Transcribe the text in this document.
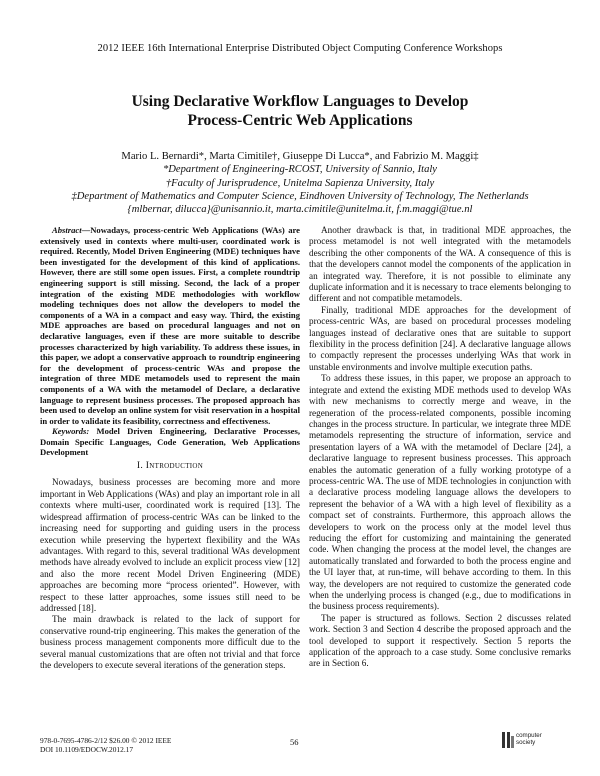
2012 IEEE 16th International Enterprise Distributed Object Computing Conference Workshops
Using Declarative Workflow Languages to Develop
Process-Centric Web Applications
Mario L. Bernardi*, Marta Cimitile†, Giuseppe Di Lucca*, and Fabrizio M. Maggi‡
*Department of Engineering-RCOST, University of Sannio, Italy
†Faculty of Jurisprudence, Unitelma Sapienza University, Italy
‡Department of Mathematics and Computer Science, Eindhoven University of Technology, The Netherlands
{mlbernar, dilucca}@unisannio.it, marta.cimitile@unitelma.it, f.m.maggi@tue.nl

Abstract—Nowadays, process-centric Web Applications (WAs) are extensively used in contexts where multi-user, coordinated work is required. Recently, Model Driven Engineering (MDE) techniques have been investigated for the development of this kind of applications. However, there are still some open issues. First, a complete roundtrip engineering support is still missing. Second, the lack of a proper integration of the existing MDE methodologies with workflow modeling techniques does not allow the developers to model the components of a WA in a compact and easy way. Third, the existing MDE approaches are based on procedural languages and not on declarative languages, even if these are more suitable to describe processes characterized by high variability. To address these issues, in this paper, we adopt a conservative approach to roundtrip engineering for the development of process-centric WAs and propose the integration of three MDE metamodels used to represent the main components of a WA with the metamodel of Declare, a declarative language to represent business processes. The proposed approach has been used to develop an online system for visit reservation in a hospital in order to validate its feasibility, correctness and effectiveness.

Keywords: Model Driven Engineering, Declarative Processes, Domain Specific Languages, Code Generation, Web Applications Development

I. Introduction

Nowadays, business processes are becoming more and more important in Web Applications (WAs) and play an important role in all contexts where multi-user, coordinated work is required [13]. The widespread affirmation of process-centric WAs can be linked to the increasing need for supporting and guiding users in the process execution while preserving the hypertext flexibility and the WAs advantages. With regard to this, several traditional WAs development methods have already evolved to include an explicit process view [12] and also the more recent Model Driven Engineering (MDE) approaches are becoming more “process oriented”. However, with respect to these latter approaches, some issues still need to be addressed [18].

The main drawback is related to the lack of support for conservative round-trip engineering. This makes the generation of the business process management components more difficult due to the several manual customizations that are often not trivial and that force the developers to execute several iterations of the generation steps.

Another drawback is that, in traditional MDE approaches, the process metamodel is not well integrated with the metamodels describing the other components of the WA. A consequence of this is that the developers cannot model the components of the application in an integrated way. Therefore, it is not possible to eliminate any duplicate information and it is necessary to trace elements belonging to different and not compatible metamodels.

Finally, traditional MDE approaches for the development of process-centric WAs, are based on procedural processes modeling languages instead of declarative ones that are suitable to support flexibility in the process definition [24]. A declarative language allows to compactly represent the processes underlying WAs that work in unstable environments and involve multiple execution paths.

To address these issues, in this paper, we propose an approach to integrate and extend the existing MDE methods used to develop WAs with new mechanisms to correctly merge and weave, in the regeneration of the process-related components, possible incoming changes in the process structure. In particular, we integrate three MDE metamodels representing the structure of information, service and presentation layers of a WA with the metamodel of Declare [24], a declarative language to represent business processes. This approach enables the automatic generation of a fully working prototype of a process-centric WA. The use of MDE technologies in conjunction with a declarative process modeling language allows the developers to represent the behavior of a WA with a high level of flexibility as a compact set of constraints. Furthermore, this approach allows the developers to work on the process only at the model level thus reducing the effort for customizing and maintaining the generated code. When changing the process at the model level, the changes are automatically translated and forwarded to both the process engine and the UI layer that, at run-time, will behave according to them. In this way, the developers are not required to customize the generated code when the underlying process is changed (e.g., due to modifications in the business process requirements).

The paper is structured as follows. Section 2 discusses related work. Section 3 and Section 4 describe the proposed approach and the tool developed to support it respectively. Section 5 reports the application of the approach to a case study. Some conclusive remarks are in Section 6.

978-0-7695-4786-2/12 $26.00 © 2012 IEEE
DOI 10.1109/EDOCW.2012.17
56
computer
society
